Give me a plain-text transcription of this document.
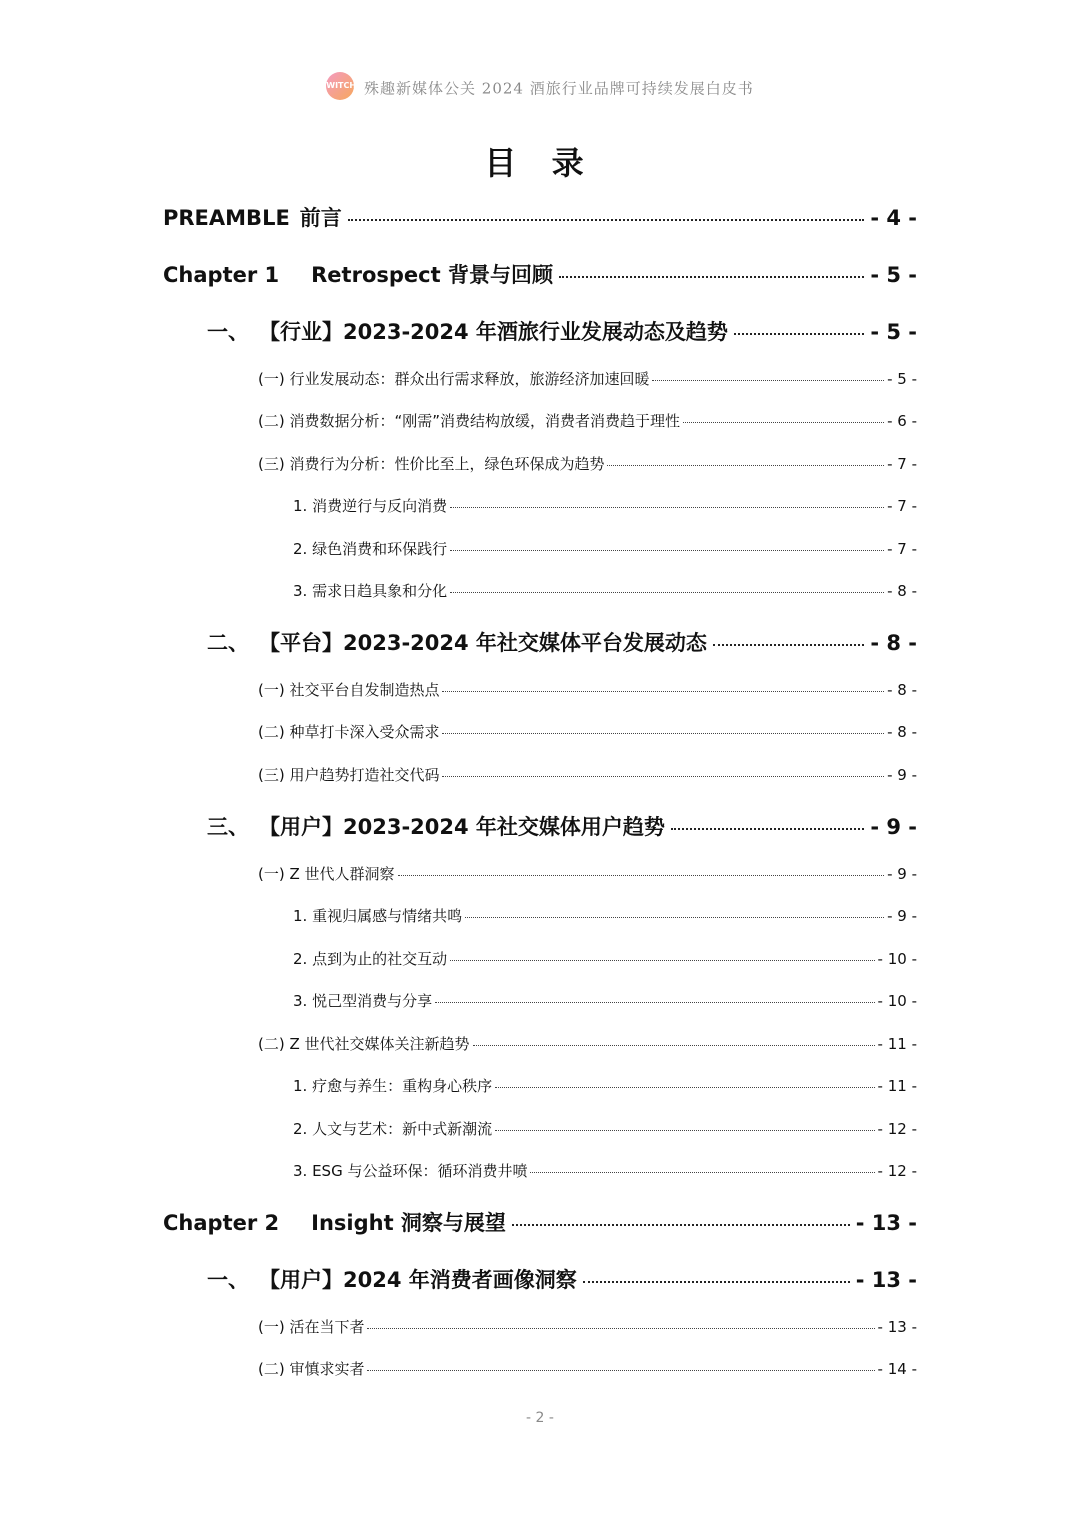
WITCH 殊趣新媒体公关 2024 酒旅行业品牌可持续发展白皮书
目 录
PREAMBLE 前言	- 4 -
Chapter 1 Retrospect 背景与回顾	- 5 -
一、 【行业】2023-2024 年酒旅行业发展动态及趋势	- 5 -
(一) 行业发展动态：群众出行需求释放，旅游经济加速回暖	- 5 -
(二) 消费数据分析：“刚需”消费结构放缓，消费者消费趋于理性	- 6 -
(三) 消费行为分析：性价比至上，绿色环保成为趋势	- 7 -
1. 消费逆行与反向消费	- 7 -
2. 绿色消费和环保践行	- 7 -
3. 需求日趋具象和分化	- 8 -
二、 【平台】2023-2024 年社交媒体平台发展动态	- 8 -
(一) 社交平台自发制造热点	- 8 -
(二) 种草打卡深入受众需求	- 8 -
(三) 用户趋势打造社交代码	- 9 -
三、 【用户】2023-2024 年社交媒体用户趋势	- 9 -
(一) Z 世代人群洞察	- 9 -
1. 重视归属感与情绪共鸣	- 9 -
2. 点到为止的社交互动	- 10 -
3. 悦己型消费与分享	- 10 -
(二) Z 世代社交媒体关注新趋势	- 11 -
1. 疗愈与养生：重构身心秩序	- 11 -
2. 人文与艺术：新中式新潮流	- 12 -
3. ESG 与公益环保：循环消费井喷	- 12 -
Chapter 2 Insight 洞察与展望	- 13 -
一、 【用户】2024 年消费者画像洞察	- 13 -
(一) 活在当下者	- 13 -
(二) 审慎求实者	- 14 -
- 2 -
